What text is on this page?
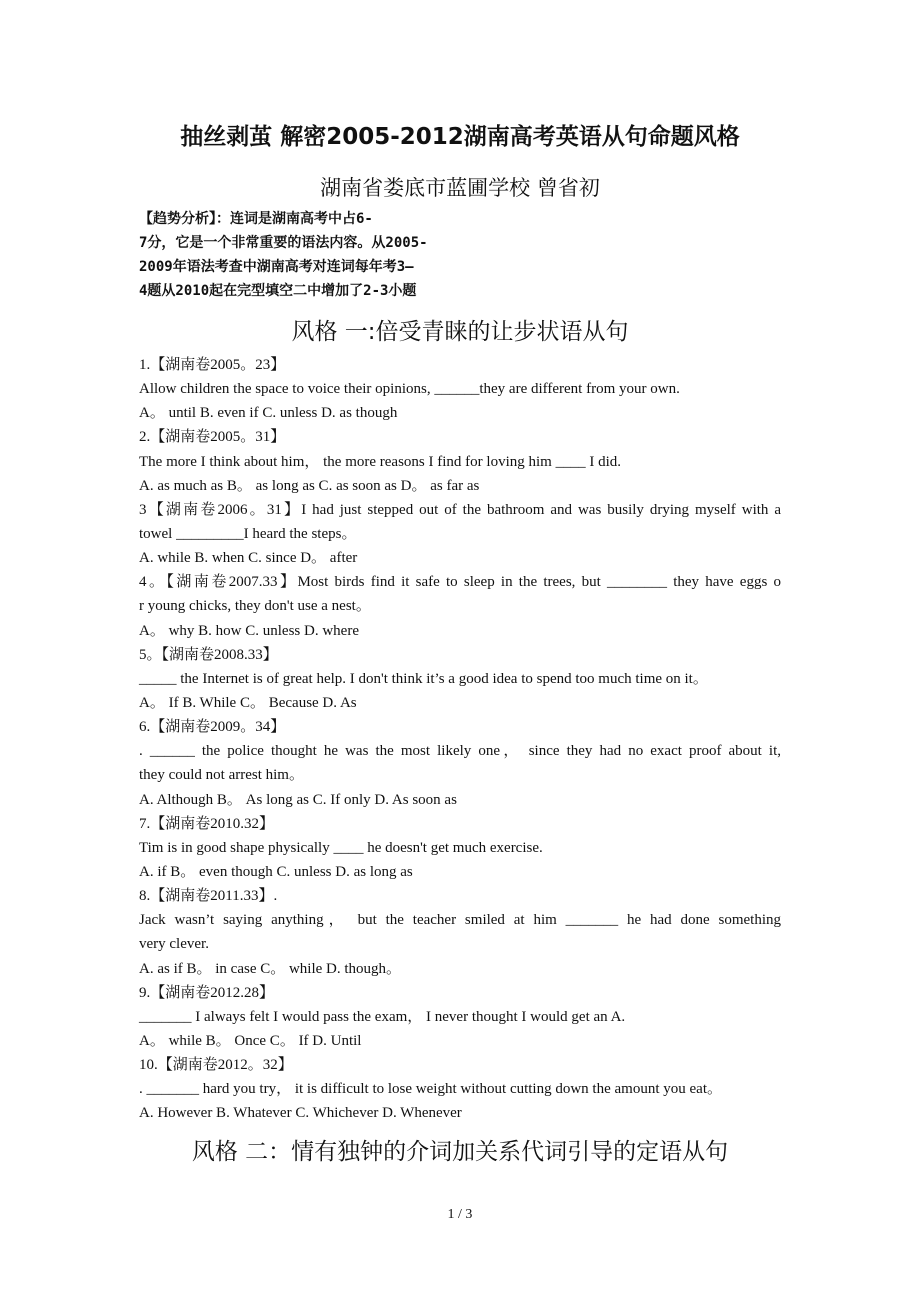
抽丝剥茧 解密2005-2012湖南高考英语从句命题风格
湖南省娄底市蓝圃学校 曾省初
【趋势分析】：连词是湖南高考中占6-
7分，它是一个非常重要的语法内容。从2005-
2009年语法考查中湖南高考对连词每年考3—
4题从2010起在完型填空二中增加了2-3小题
风格 一:倍受青睐的让步状语从句
1.【湖南卷2005。23】
Allow children the space to voice their opinions, ______they are different from your own.
A。 until B. even if C. unless D. as though
2.【湖南卷2005。31】
The more I think about him， the more reasons I find for loving him ____ I did.
A. as much as B。 as long as C. as soon as D。 as far as
3【湖南卷2006。31】I had just stepped out of the bathroom and was busily drying myself with a
towel _________I heard the steps。
A. while B. when C. since D。 after
4。【湖南卷2007.33】Most birds find it safe to sleep in the trees, but ________ they have eggs o
r young chicks, they don't use a nest。
A。 why B. how C. unless D. where
5。【湖南卷2008.33】
_____ the Internet is of great help. I don't think it’s a good idea to spend too much time on it。
A。 If B. While C。 Because D. As
6.【湖南卷2009。34】
. ______ the police thought he was the most likely one， since they had no exact proof about it,
they could not arrest him。
A. Although B。 As long as C. If only D. As soon as
7.【湖南卷2010.32】
Tim is in good shape physically ____ he doesn't get much exercise.
A. if B。 even though C. unless D. as long as
8.【湖南卷2011.33】.
Jack wasn’t saying anything， but the teacher smiled at him _______ he had done something
very clever.
A. as if B。 in case C。 while D. though。
9.【湖南卷2012.28】
_______ I always felt I would pass the exam， I never thought I would get an A.
A。 while B。 Once C。 If D. Until
10.【湖南卷2012。32】
. _______ hard you try， it is difficult to lose weight without cutting down the amount you eat。
A. However B. Whatever C. Whichever D. Whenever
风格 二：情有独钟的介词加关系代词引导的定语从句
1 / 3
